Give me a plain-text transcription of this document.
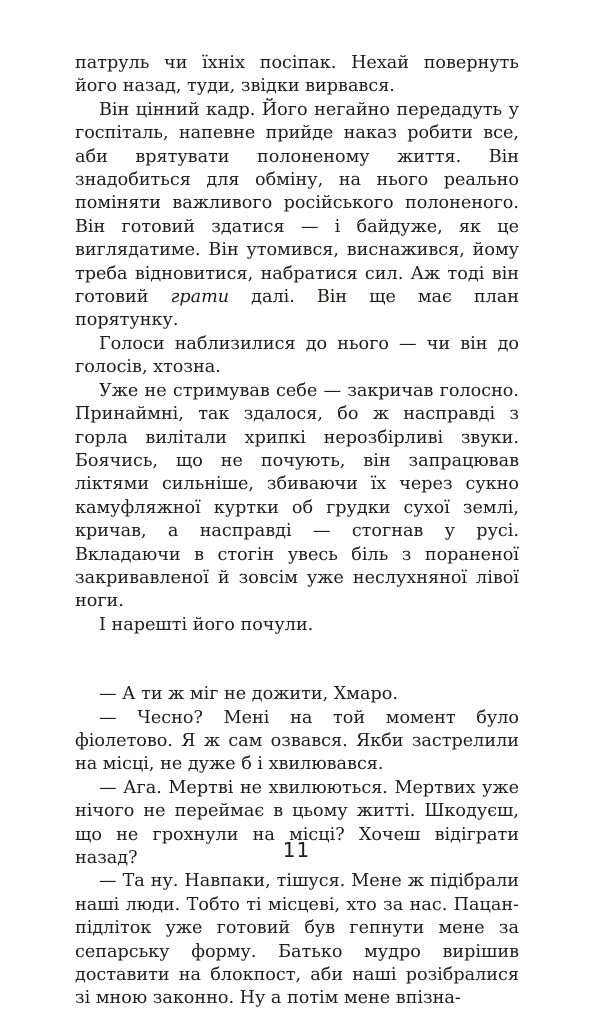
патруль чи їхніх посіпак. Нехай повернуть його назад, туди, звідки вирвався.

Він цінний кадр. Його негайно передадуть у госпіталь, напевне прийде наказ робити все, аби врятувати полоненому життя. Він знадобиться для обміну, на нього реально поміняти важливого російського полоненого. Він готовий здатися — і байдуже, як це виглядатиме. Він утомився, виснажився, йому треба відновитися, набратися сил. Аж тоді він готовий грати далі. Він ще має план порятунку.

Голоси наблизилися до нього — чи він до голосів, хтозна.

Уже не стримував себе — закричав голосно. Принаймні, так здалося, бо ж насправді з горла вилітали хрипкі нерозбірливі звуки. Боячись, що не почують, він запрацював ліктями сильніше, збиваючи їх через сукно камуфляжної куртки об грудки сухої землі, кричав, а насправді — стогнав у русі. Вкладаючи в стогін увесь біль з пораненої закривавленої й зовсім уже неслухняної лівої ноги.

І нарешті його почули.

— А ти ж міг не дожити, Хмаро.

— Чесно? Мені на той момент було фіолетово. Я ж сам озвався. Якби застрелили на місці, не дуже б і хвилювався.

— Ага. Мертві не хвилюються. Мертвих уже нічого не переймає в цьому житті. Шкодуєш, що не грохнули на місці? Хочеш відіграти назад?

— Та ну. Навпаки, тішуся. Мене ж підібрали наші люди. Тобто ті місцеві, хто за нас. Пацан-підліток уже готовий був гепнути мене за сепарську форму. Батько мудро вирішив доставити на блокпост, аби наші розібралися зі мною законно. Ну а потім мене впізна-

11
